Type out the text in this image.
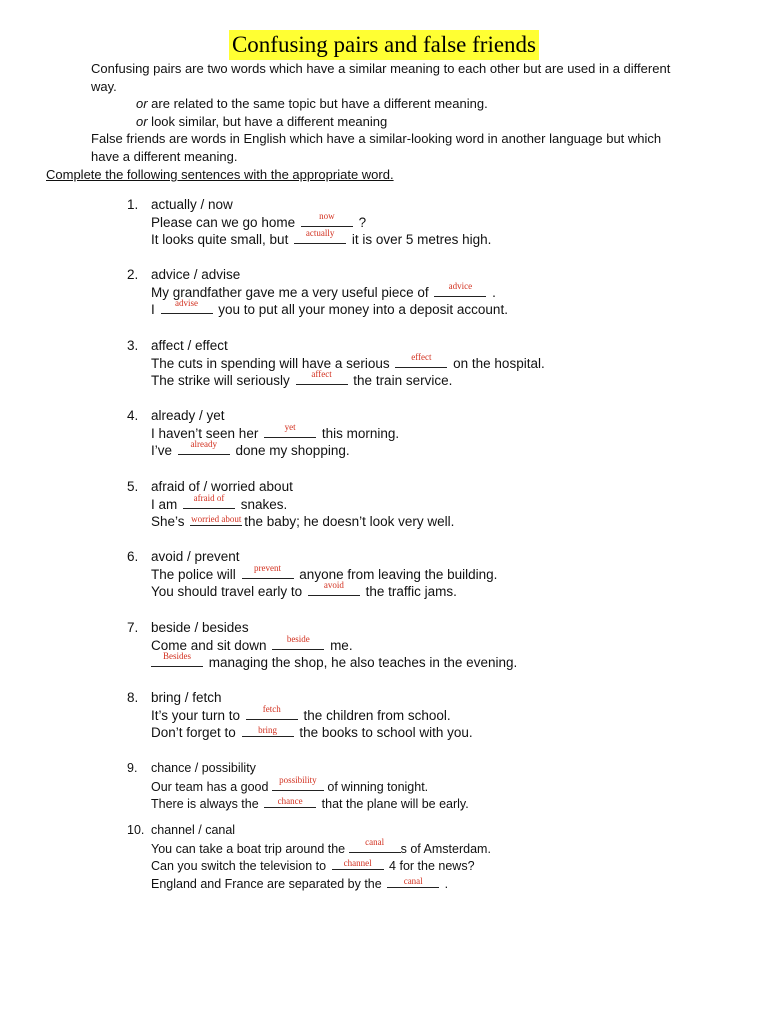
Confusing pairs and false friends

Confusing pairs are two words which have a similar meaning to each other but are used in a different way.

or are related to the same topic but have a different meaning.

or look similar, but have a different meaning

False friends are words in English which have a similar-looking word in another language but which have a different meaning.

Complete the following sentences with the appropriate word.
1. actually / now
Please can we go home now ?
It looks quite small, but actually it is over 5 metres high.
2. advice / advise
My grandfather gave me a very useful piece of advice .
I advise you to put all your money into a deposit account.
3. affect / effect
The cuts in spending will have a serious effect on the hospital.
The strike will seriously affect the train service.
4. already / yet
I haven’t seen her	yet this morning.
I’ve already done my shopping.
5. afraid of / worried about
I am afraid of snakes.
She’s worried about the baby; he doesn’t look very well.
6. avoid / prevent
The police will prevent anyone from leaving the building.
You should travel early to avoid the traffic jams.
7. beside / besides
Come and sit down beside me.
Besides managing the shop, he also teaches in the evening.
8. bring / fetch
It’s your turn to fetch the children from school.
Don’t forget to bring the books to school with you.
9.	chance / possibility
Our team has a good possibility of winning tonight.
There is always the chance that the plane will be early.
10. channel / canal
You can take a boat trip around the canal s of Amsterdam.
Can you switch the television to channel 4 for the news?
England and France are separated by the canal .
